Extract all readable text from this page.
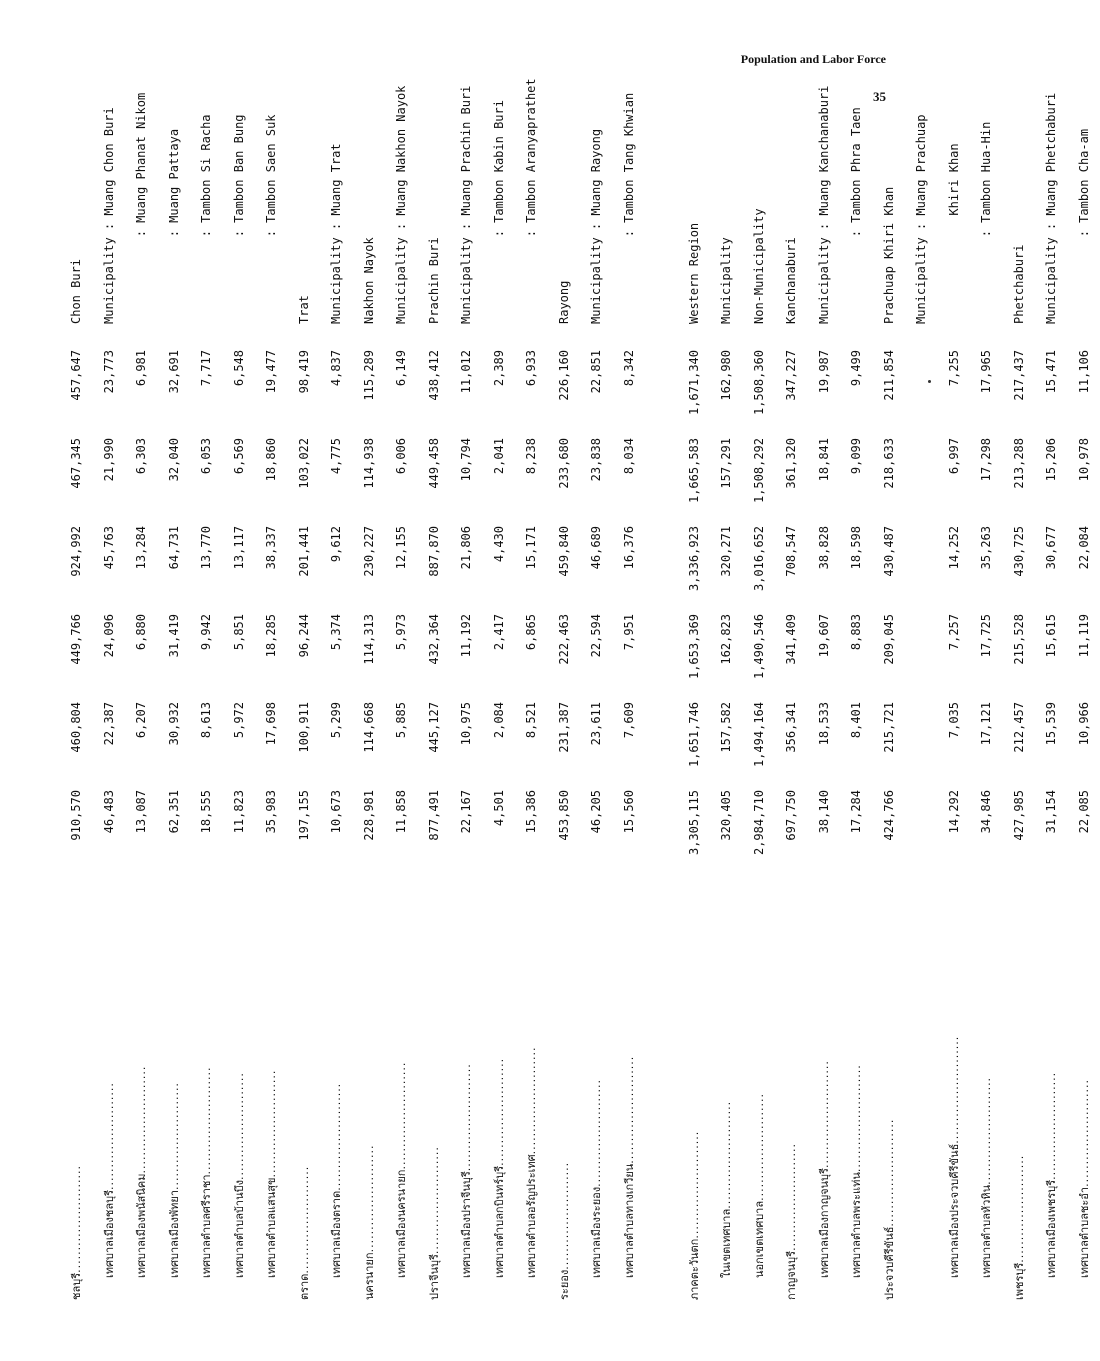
Population and Labor Force
35
ชลบุรี........................	910,570	460,804	449,766	924,992	467,345	457,647	Chon Buri
เทศบาลเมืองชลบุรี........................	46,483	22,387	24,096	45,763	21,990	23,773	Municipality : Muang Chon Buri
เทศบาลเมืองพนัสนิคม........................	13,087	6,207	6,880	13,284	6,303	6,981	: Muang Phanat Nikom
เทศบาลเมืองพัทยา........................	62,351	30,932	31,419	64,731	32,040	32,691	: Muang Pattaya
เทศบาลตำบลศรีราชา........................	18,555	8,613	9,942	13,770	6,053	7,717	: Tambon Si Racha
เทศบาลตำบลบ้านบึง........................	11,823	5,972	5,851	13,117	6,569	6,548	: Tambon Ban Bung
เทศบาลตำบลแสนสุข........................	35,983	17,698	18,285	38,337	18,860	19,477	: Tambon Saen Suk
ตราด........................	197,155	100,911	96,244	201,441	103,022	98,419	Trat
เทศบาลเมืองตราด........................	10,673	5,299	5,374	9,612	4,775	4,837	Municipality : Muang Trat
นครนายก........................	228,981	114,668	114,313	230,227	114,938	115,289	Nakhon Nayok
เทศบาลเมืองนครนายก........................	11,858	5,885	5,973	12,155	6,006	6,149	Municipality : Muang Nakhon Nayok
ปราจีนบุรี........................	877,491	445,127	432,364	887,870	449,458	438,412	Prachin Buri
เทศบาลเมืองปราจีนบุรี........................	22,167	10,975	11,192	21,806	10,794	11,012	Municipality : Muang Prachin Buri
เทศบาลตำบลกบินทร์บุรี........................	4,501	2,084	2,417	4,430	2,041	2,389	: Tambon Kabin Buri
เทศบาลตำบลอรัญประเทศ........................	15,386	8,521	6,865	15,171	8,238	6,933	: Tambon Aranyaprathet
ระยอง........................	453,850	231,387	222,463	459,840	233,680	226,160	Rayong
เทศบาลเมืองระยอง........................	46,205	23,611	22,594	46,689	23,838	22,851	Municipality : Muang Rayong
เทศบาลตำบลทางเกวียน........................	15,560	7,609	7,951	16,376	8,034	8,342	: Tambon Tang Khwian

ภาคตะวันตก........................	3,305,115	1,651,746	1,653,369	3,336,923	1,665,583	1,671,340	Western Region
ในเขตเทศบาล........................	320,405	157,582	162,823	320,271	157,291	162,980	Municipality
นอกเขตเทศบาล........................	2,984,710	1,494,164	1,490,546	3,016,652	1,508,292	1,508,360	Non-Municipality
กาญจนบุรี........................	697,750	356,341	341,409	708,547	361,320	347,227	Kanchanaburi
เทศบาลเมืองกาญจนบุรี........................	38,140	18,533	19,607	38,828	18,841	19,987	Municipality : Muang Kanchanaburi
เทศบาลตำบลพระแท่น........................	17,284	8,401	8,883	18,598	9,099	9,499	: Tambon Phra Taen
ประจวบคีรีขันธ์........................	424,766	215,721	209,045	430,487	218,633	211,854	Prachuap Khiri Khan
							Municipality : Muang Prachuap
เทศบาลเมืองประจวบคีรีขันธ์........................	14,292	7,035	7,257	14,252	6,997	7,255	Khiri Khan
เทศบาลตำบลหัวหิน........................	34,846	17,121	17,725	35,263	17,298	17,965	: Tambon Hua-Hin
เพชรบุรี........................	427,985	212,457	215,528	430,725	213,288	217,437	Phetchaburi
เทศบาลเมืองเพชรบุรี........................	31,154	15,539	15,615	30,677	15,206	15,471	Municipality : Muang Phetchaburi
เทศบาลตำบลชะอำ........................	22,085	10,966	11,119	22,084	10,978	11,106	: Tambon Cha-am
